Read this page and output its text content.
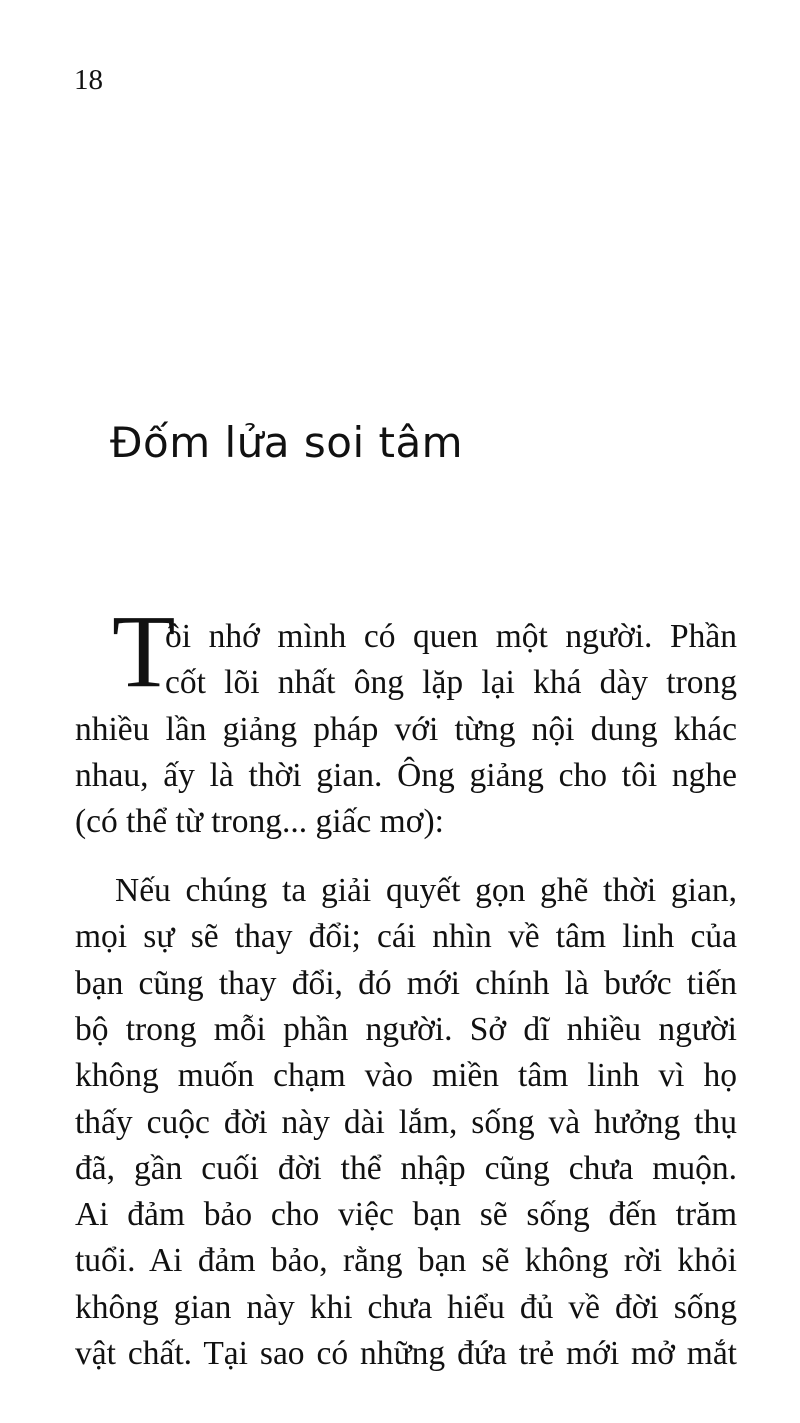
18
Đốm lửa soi tâm
T
ôi nhớ mình có quen một người. Phần
cốt lõi nhất ông lặp lại khá dày trong
nhiều lần giảng pháp với từng nội dung khác
nhau, ấy là thời gian. Ông giảng cho tôi nghe
(có thể từ trong... giấc mơ):
Nếu chúng ta giải quyết gọn ghẽ thời gian,
mọi sự sẽ thay đổi; cái nhìn về tâm linh của
bạn cũng thay đổi, đó mới chính là bước tiến
bộ trong mỗi phần người. Sở dĩ nhiều người
không muốn chạm vào miền tâm linh vì họ
thấy cuộc đời này dài lắm, sống và hưởng thụ
đã, gần cuối đời thể nhập cũng chưa muộn.
Ai đảm bảo cho việc bạn sẽ sống đến trăm
tuổi. Ai đảm bảo, rằng bạn sẽ không rời khỏi
không gian này khi chưa hiểu đủ về đời sống
vật chất. Tại sao có những đứa trẻ mới mở mắt
